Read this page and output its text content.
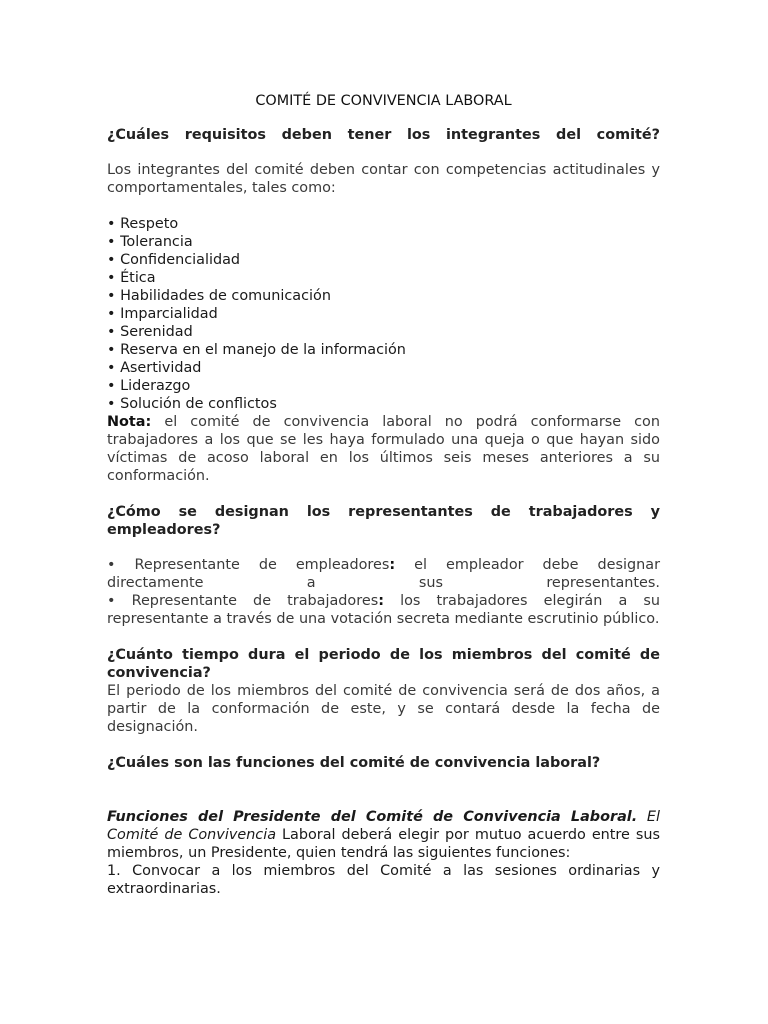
COMITÉ DE CONVIVENCIA LABORAL

¿Cuáles requisitos deben tener los integrantes del comité?

Los integrantes del comité deben contar con competencias actitudinales y comportamentales, tales como:

• Respeto
• Tolerancia
• Confidencialidad
• Ética
• Habilidades de comunicación
• Imparcialidad
• Serenidad
• Reserva en el manejo de la información
• Asertividad
• Liderazgo
• Solución de conflictos

Nota: el comité de convivencia laboral no podrá conformarse con trabajadores a los que se les haya formulado una queja o que hayan sido víctimas de acoso laboral en los últimos seis meses anteriores a su conformación.

¿Cómo se designan los representantes de trabajadores y empleadores?

• Representante de empleadores: el empleador debe designar directamente a sus representantes.

• Representante de trabajadores: los trabajadores elegirán a su representante a través de una votación secreta mediante escrutinio público.

¿Cuánto tiempo dura el periodo de los miembros del comité de convivencia?

El periodo de los miembros del comité de convivencia será de dos años, a partir de la conformación de este, y se contará desde la fecha de designación.

¿Cuáles son las funciones del comité de convivencia laboral?

Funciones del Presidente del Comité de Convivencia Laboral. El Comité de Convivencia Laboral deberá elegir por mutuo acuerdo entre sus miembros, un Presidente, quien tendrá las siguientes funciones:

1. Convocar a los miembros del Comité a las sesiones ordinarias y extraordinarias.
